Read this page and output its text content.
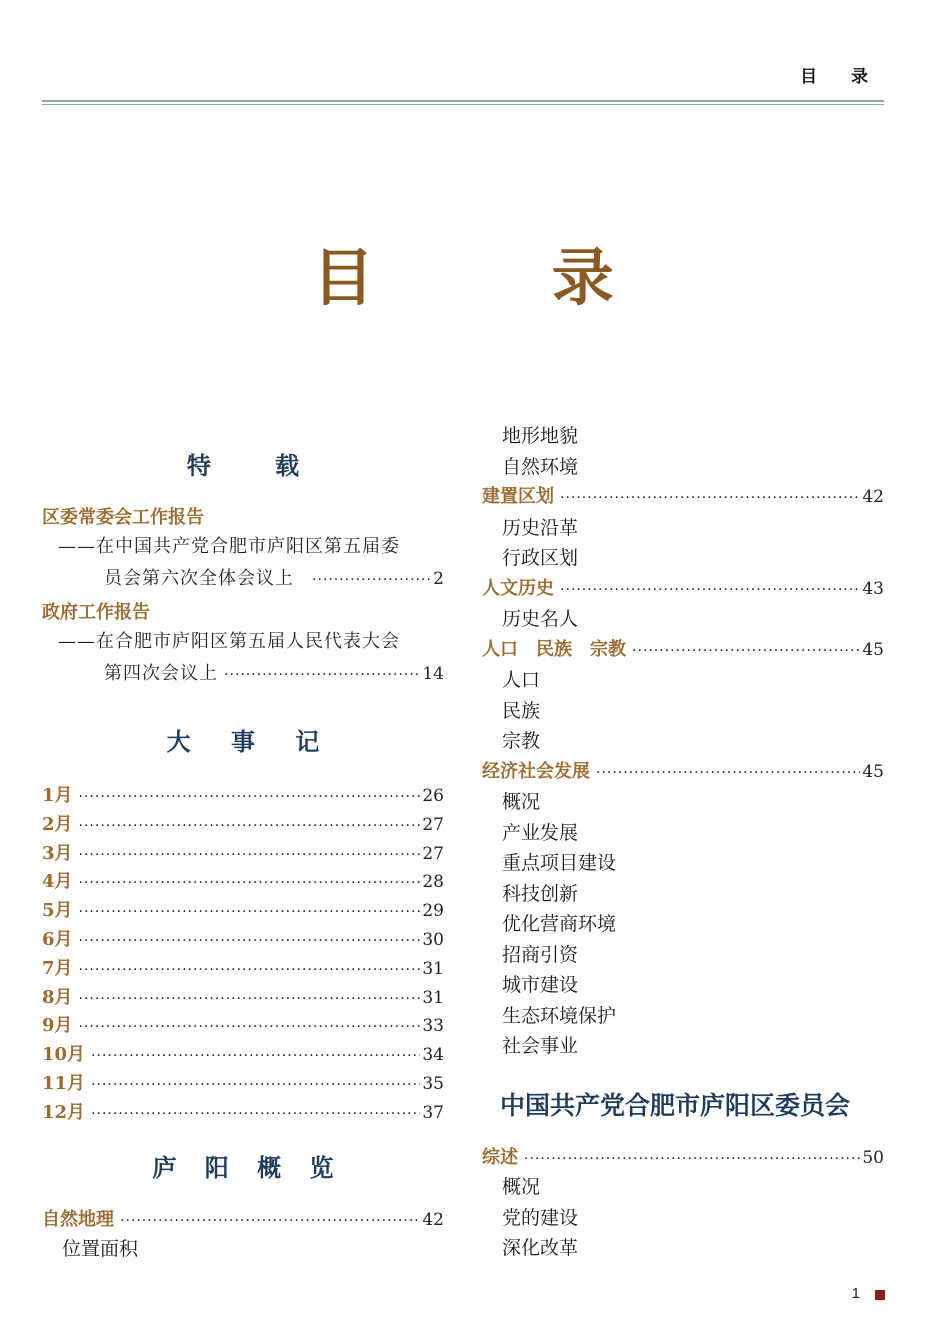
目 录
目 录
特 载
区委常委会工作报告
——在中国共产党合肥市庐阳区第五届委
员会第六次全体会议上 ·····	2
政府工作报告
——在合肥市庐阳区第五届人民代表大会
第四次会议上 ·····	14
大 事 记
1月 ·····	26
2月 ·····	27
3月 ·····	27
4月 ·····	28
5月 ·····	29
6月 ·····	30
7月 ·····	31
8月 ·····	31
9月 ·····	33
10月 ·····	34
11月 ·····	35
12月 ·····	37
庐 阳 概 览
自然地理 ·····	42
位置面积
地形地貌
自然环境
建置区划 ·····	42
历史沿革
行政区划
人文历史 ·····	43
历史名人
人口　民族　宗教 ·····	45
人口
民族
宗教
经济社会发展 ·····	45
概况
产业发展
重点项目建设
科技创新
优化营商环境
招商引资
城市建设
生态环境保护
社会事业
中国共产党合肥市庐阳区委员会
综述 ·····	50
概况
党的建设
深化改革
1
